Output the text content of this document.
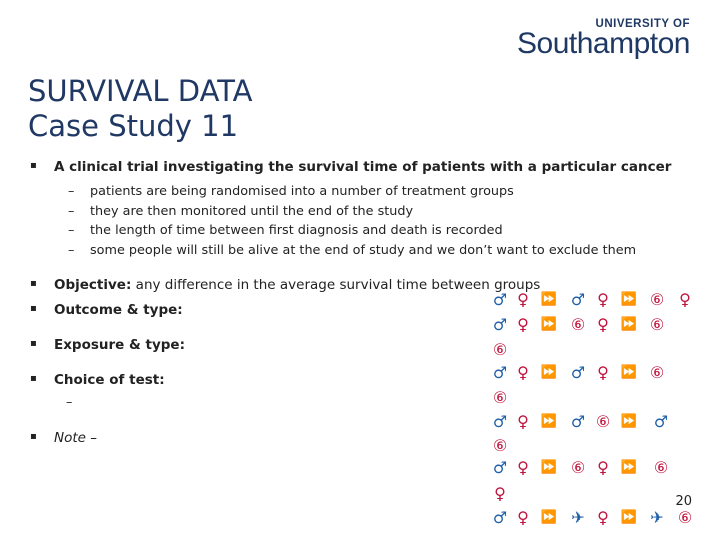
UNIVERSITY OF
Southampton
SURVIVAL DATA
Case Study 11
▪ A clinical trial investigating the survival time of patients with a particular cancer
– patients are being randomised into a number of treatment groups
– they are then monitored until the end of the study
– the length of time between first diagnosis and death is recorded
– some people will still be alive at the end of study and we don’t want to exclude them
▪ Objective: any difference in the average survival time between groups
▪ Outcome & type:
▪ Exposure & type:
▪ Choice of test:
–
▪ Note –
♂ ♀ ⏩ ♂ ♀ ⏩ ⑥ ♀
♂ ♀ ⏩ ⑥ ♀ ⏩ ⑥
⑥
♂ ♀ ⏩ ♂ ♀ ⏩ ⑥
⑥
♂ ♀ ⏩ ♂ ⑥ ⏩ ♂
⑥
♂ ♀ ⏩ ⑥ ♀ ⏩ ⑥
♀
♂ ♀ ⏩ ✈ ♀ ⏩ ✈ ⑥
20
